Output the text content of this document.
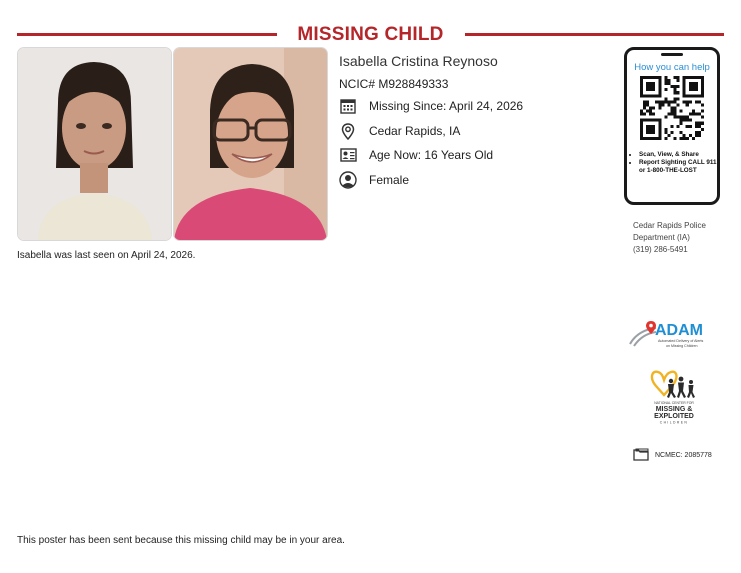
MISSING CHILD
Isabella was last seen on April 24, 2026.
Isabella Cristina Reynoso
NCIC# M928849333
Missing Since: April 24, 2026
Cedar Rapids, IA
Age Now: 16 Years Old
Female
How you can help
• Scan, View, & Share
• Report Sighting CALL 911 or 1-800-THE-LOST
Cedar Rapids Police
Department (IA)
(319) 286-5491
ADAM
Automated Delivery of Alerts
on Missing Children
NATIONAL CENTER FOR
MISSING &
EXPLOITED
CHILDREN
NCMEC: 2085778
This poster has been sent because this missing child may be in your area.
